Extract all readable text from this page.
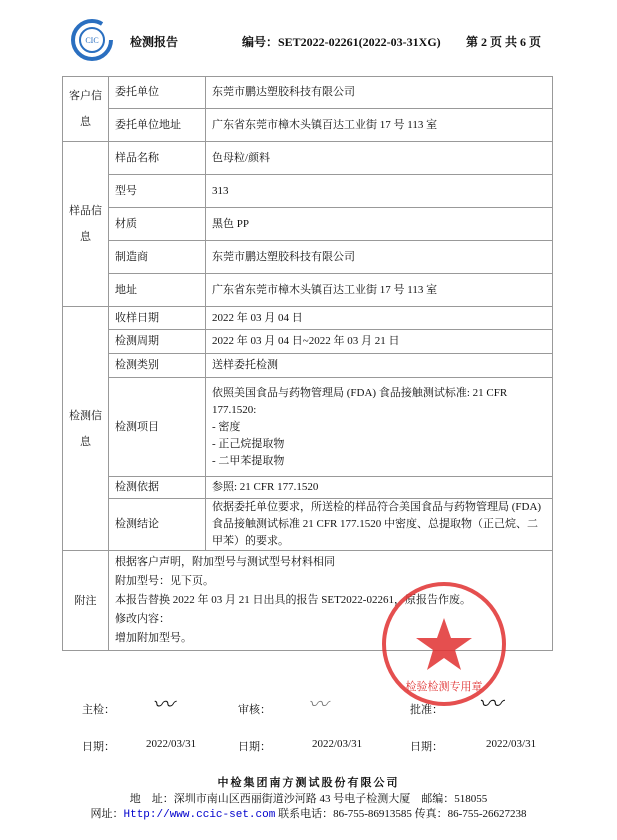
CIC	检测报告	编号：SET2022-02261(2022-03-31XG) 第 2 页 共 6 页
客户信息	委托单位	东莞市鹏达塑胶科技有限公司
	委托单位地址	广东省东莞市樟木头镇百达工业街 17 号 113 室
样品信息	样品名称	色母粒/颜料
	型号	313
	材质	黑色 PP
	制造商	东莞市鹏达塑胶科技有限公司
	地址	广东省东莞市樟木头镇百达工业街 17 号 113 室
检测信息	收样日期	2022 年 03 月 04 日
	检测周期	2022 年 03 月 04 日~2022 年 03 月 21 日
	检测类别	送样委托检测
	检测项目	依照美国食品与药物管理局 (FDA) 食品接触测试标准: 21 CFR 177.1520:
- 密度
- 正己烷提取物
- 二甲苯提取物

	检测依据	参照: 21 CFR 177.1520
	检测结论	依据委托单位要求，所送检的样品符合美国食品与药物管理局 (FDA) 食品接触测试标准 21 CFR 177.1520 中密度、总提取物（正己烷、二甲苯）的要求。
附注	根据客户声明，附加型号与测试型号材料相同
附加型号：见下页。
本报告替换 2022 年 03 月 21 日出具的报告 SET2022-02261，原报告作废。
修改内容：
增加附加型号。	
检验检测专用章
主检： 〰	审核： 〰	批准： 〰
日期：	2022/03/31	日期：	2022/03/31	日期：	2022/03/31
中检集团南方测试股份有限公司
地　址：深圳市南山区西丽街道沙河路 43 号电子检测大厦　邮编：518055
网址：Http://www.ccic-set.com 联系电话：86-755-86913585 传真：86-755-26627238
